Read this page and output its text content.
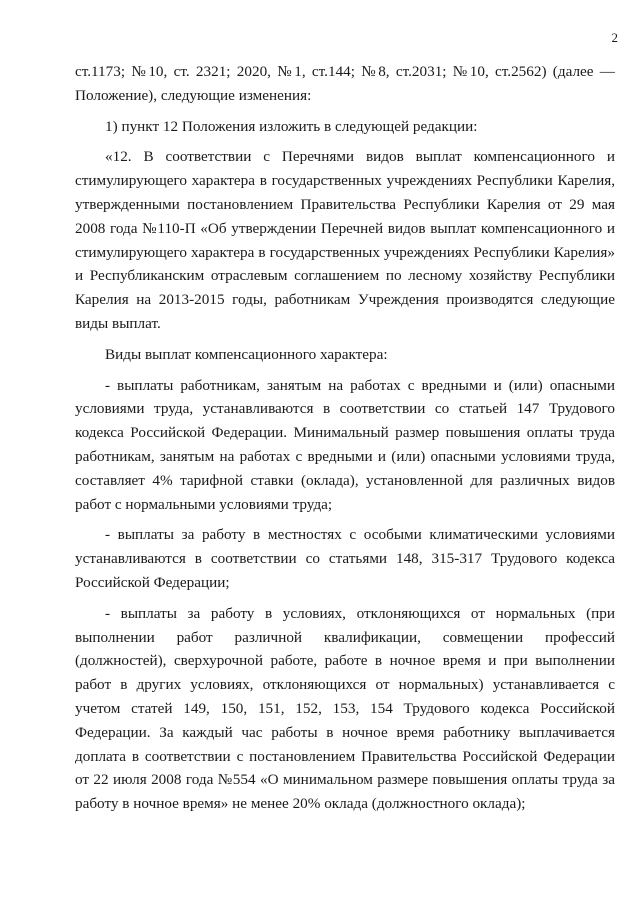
2

ст.1173; №10, ст. 2321; 2020, №1, ст.144; №8, ст.2031; №10, ст.2562) (далее — Положение), следующие изменения:

1) пункт 12 Положения изложить в следующей редакции:

«12. В соответствии с Перечнями видов выплат компенсационного и стимулирующего характера в государственных учреждениях Республики Карелия, утвержденными постановлением Правительства Республики Карелия от 29 мая 2008 года №110-П «Об утверждении Перечней видов выплат компенсационного и стимулирующего характера в государственных учреждениях Республики Карелия» и Республиканским отраслевым соглашением по лесному хозяйству Республики Карелия на 2013-2015 годы, работникам Учреждения производятся следующие виды выплат.

Виды выплат компенсационного характера:

- выплаты работникам, занятым на работах с вредными и (или) опасными условиями труда, устанавливаются в соответствии со статьей 147 Трудового кодекса Российской Федерации. Минимальный размер повышения оплаты труда работникам, занятым на работах с вредными и (или) опасными условиями труда, составляет 4% тарифной ставки (оклада), установленной для различных видов работ с нормальными условиями труда;

- выплаты за работу в местностях с особыми климатическими условиями устанавливаются в соответствии со статьями 148, 315-317 Трудового кодекса Российской Федерации;

- выплаты за работу в условиях, отклоняющихся от нормальных (при выполнении работ различной квалификации, совмещении профессий (должностей), сверхурочной работе, работе в ночное время и при выполнении работ в других условиях, отклоняющихся от нормальных) устанавливается с учетом статей 149, 150, 151, 152, 153, 154 Трудового кодекса Российской Федерации. За каждый час работы в ночное время работнику выплачивается доплата в соответствии с постановлением Правительства Российской Федерации от 22 июля 2008 года №554 «О минимальном размере повышения оплаты труда за работу в ночное время» не менее 20% оклада (должностного оклада);
